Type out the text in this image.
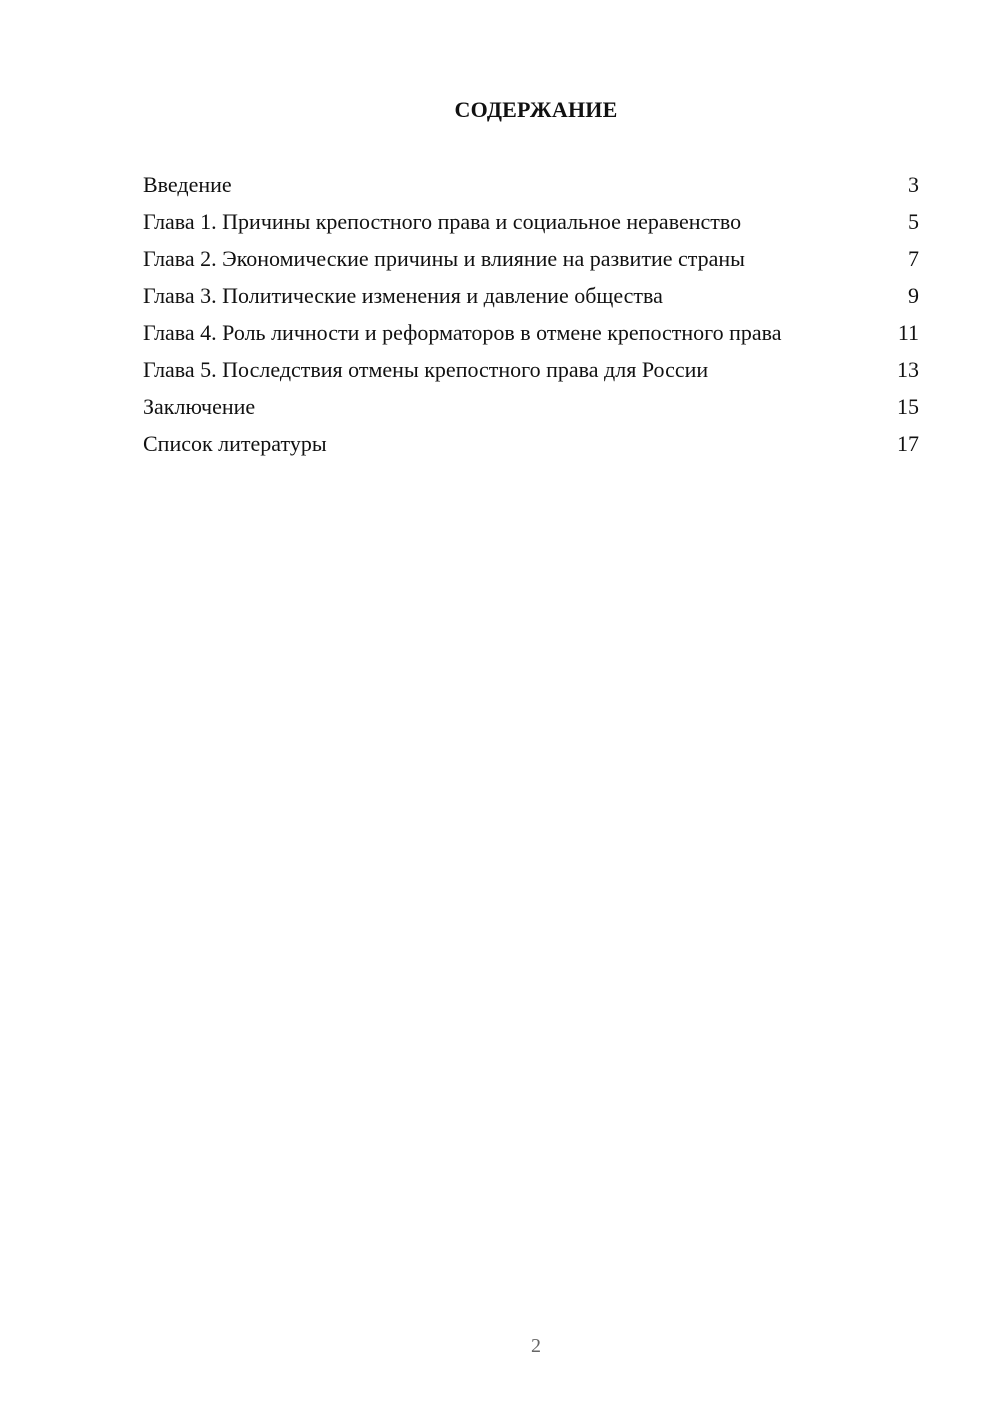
СОДЕРЖАНИЕ
Введение	3
Глава 1. Причины крепостного права и социальное неравенство	5
Глава 2. Экономические причины и влияние на развитие страны	7
Глава 3. Политические изменения и давление общества	9
Глава 4. Роль личности и реформаторов в отмене крепостного права	11
Глава 5. Последствия отмены крепостного права для России	13
Заключение	15
Список литературы	17
2
